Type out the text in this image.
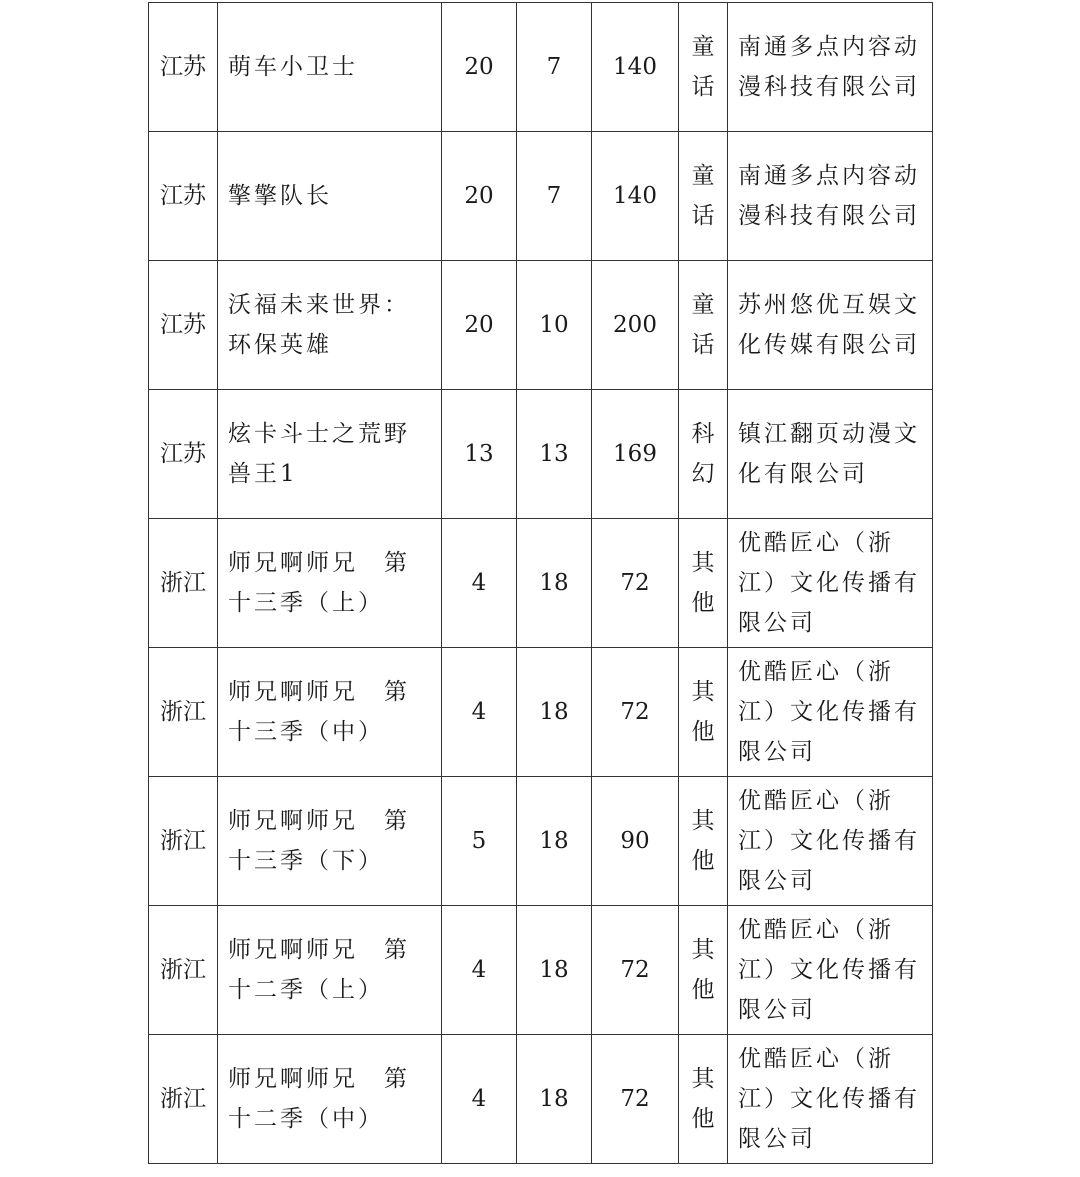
江苏	萌车小卫士	20	7	140	童话	南通多点内容动漫科技有限公司
江苏	擎擎队长	20	7	140	童话	南通多点内容动漫科技有限公司
江苏	沃福未来世界：环保英雄	20	10	200	童话	苏州悠优互娱文化传媒有限公司
江苏	炫卡斗士之荒野兽王1	13	13	169	科幻	镇江翻页动漫文化有限公司
浙江	师兄啊师兄　第十三季（上）	4	18	72	其他	优酷匠心（浙江）文化传播有限公司
浙江	师兄啊师兄　第十三季（中）	4	18	72	其他	优酷匠心（浙江）文化传播有限公司
浙江	师兄啊师兄　第十三季（下）	5	18	90	其他	优酷匠心（浙江）文化传播有限公司
浙江	师兄啊师兄　第十二季（上）	4	18	72	其他	优酷匠心（浙江）文化传播有限公司
浙江	师兄啊师兄　第十二季（中）	4	18	72	其他	优酷匠心（浙江）文化传播有限公司
